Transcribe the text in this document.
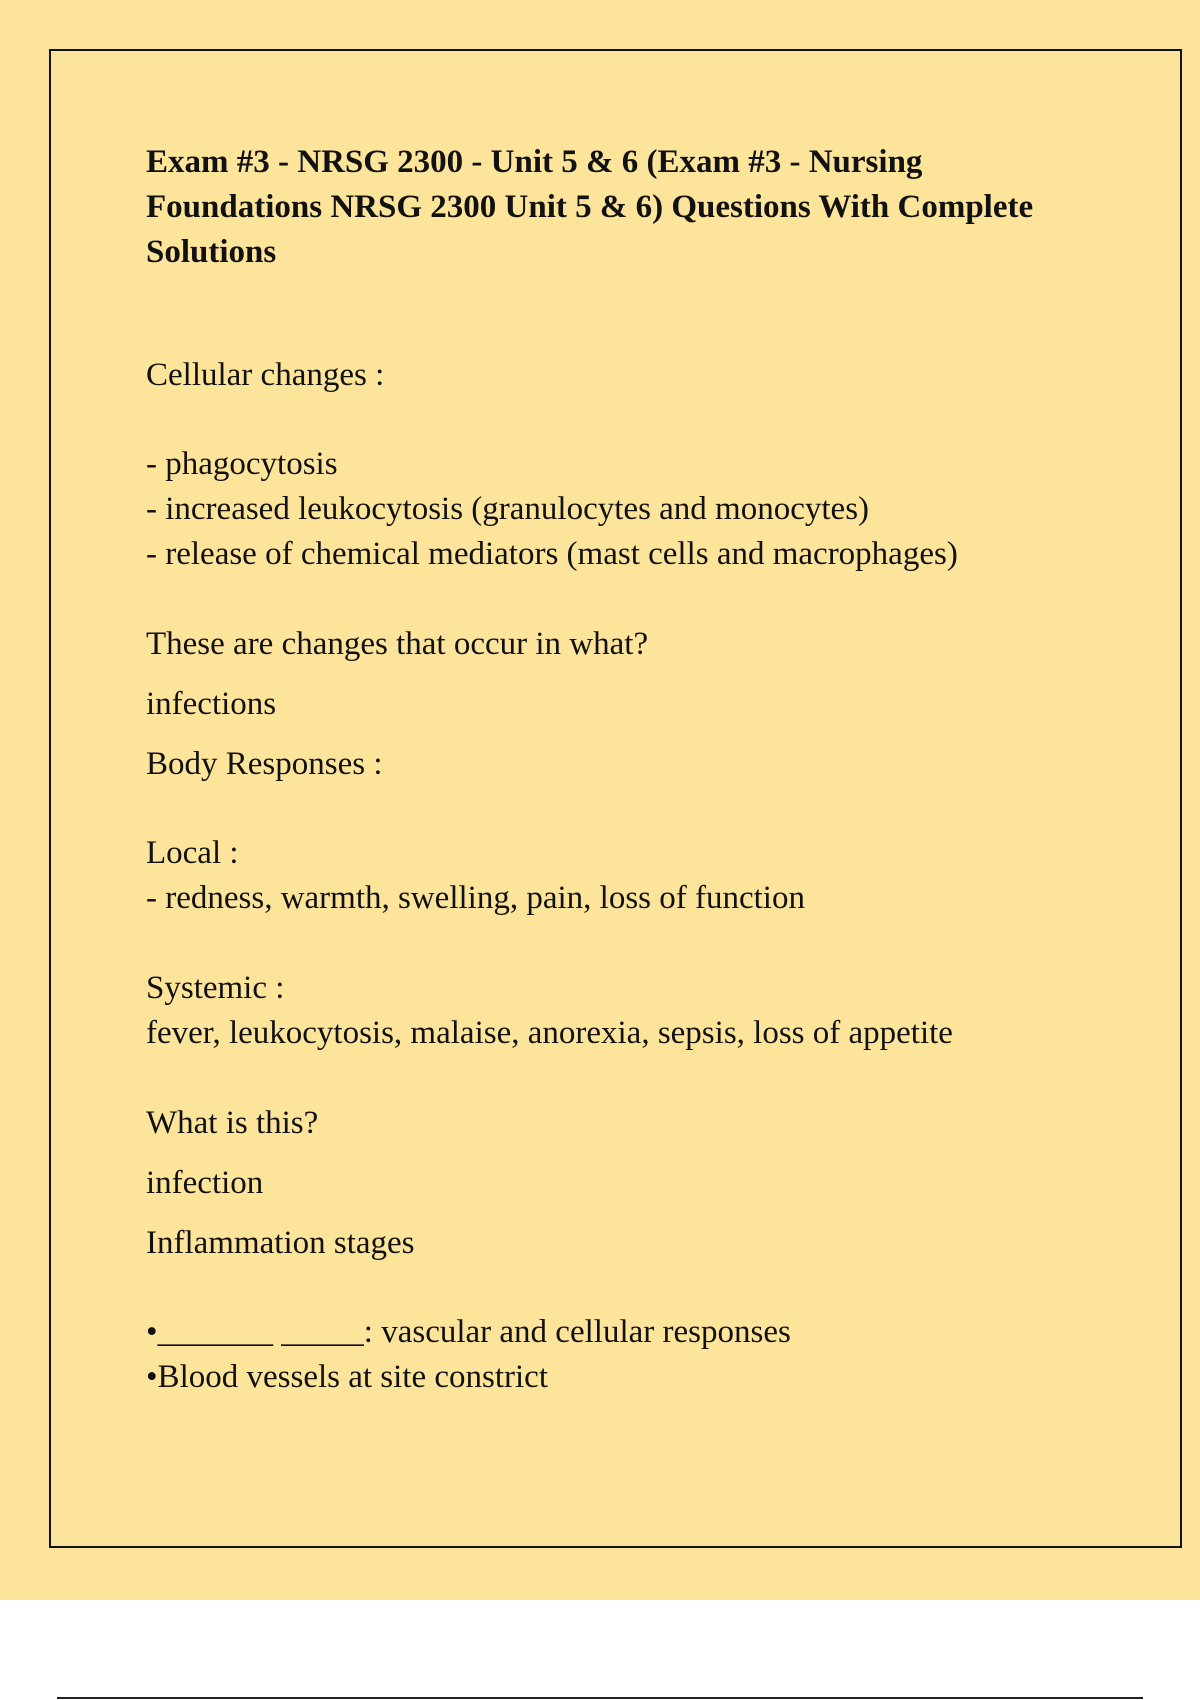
Exam #3 - NRSG 2300 - Unit 5 & 6 (Exam #3 - Nursing Foundations NRSG 2300 Unit 5 & 6) Questions With Complete Solutions
Cellular changes :
- phagocytosis
- increased leukocytosis (granulocytes and monocytes)
- release of chemical mediators (mast cells and macrophages)
These are changes that occur in what?
infections
Body Responses :
Local :
- redness, warmth, swelling, pain, loss of function
Systemic :
fever, leukocytosis, malaise, anorexia, sepsis, loss of appetite
What is this?
infection
Inflammation stages
•_______ _____: vascular and cellular responses
•Blood vessels at site constrict
